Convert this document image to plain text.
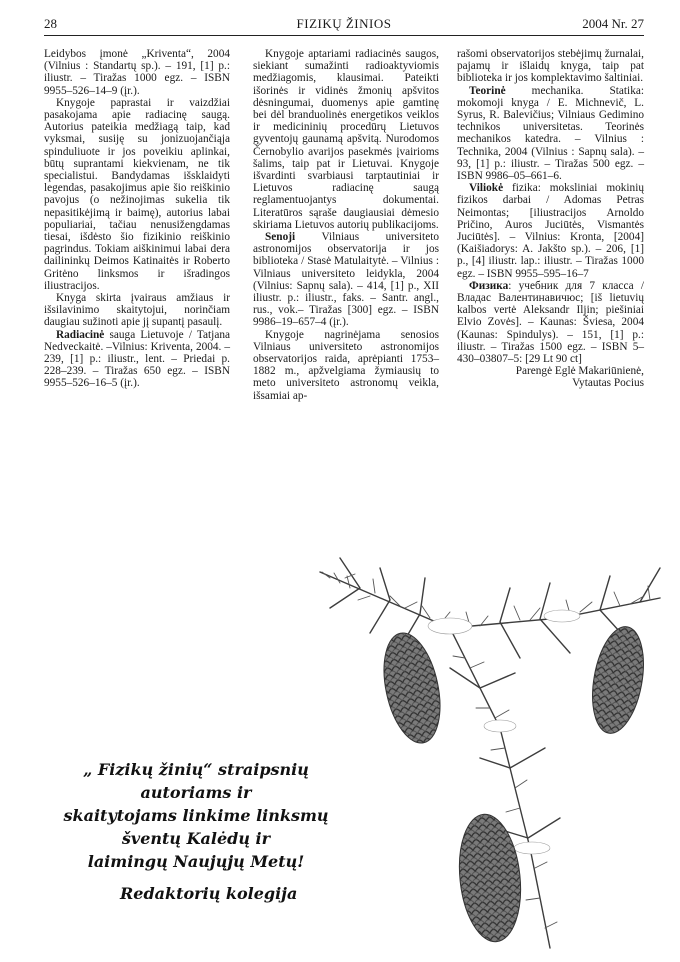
28	FIZIKŲ ŽINIOS	2004 Nr. 27

Leidybos įmonė „Kriventa“, 2004 (Vilnius : Standartų sp.). – 191, [1] p.: iliustr. – Tiražas 1000 egz. – ISBN 9955–526–14–9 (įr.).

Knygoje paprastai ir vaizdžiai pasakojama apie radiacinę saugą. Autorius pateikia medžiagą taip, kad vyksmai, susiję su jonizuojančiąja spinduliuote ir jos poveikiu aplinkai, būtų suprantami kiekvienam, ne tik specialistui. Bandydamas išsklaidyti legendas, pasakojimus apie šio reiškinio pavojus (o nežinojimas sukelia tik nepasitikėjimą ir baimę), autorius labai populiariai, tačiau nenusižengdamas tiesai, išdėsto šio fizikinio reiškinio pagrindus. Tokiam aiškinimui labai dera dailininkų Deimos Katinaitės ir Roberto Gritėno linksmos ir išradingos iliustracijos.

Knyga skirta įvairaus amžiaus ir išsilavinimo skaitytojui, norinčiam daugiau sužinoti apie jį supantį pasaulį.

Radiacinė sauga Lietuvoje / Tatjana Nedveckaitė. –Vilnius: Kriventa, 2004. – 239, [1] p.: iliustr., lent. – Priedai p. 228–239. – Tiražas 650 egz. – ISBN 9955–526–16–5 (įr.).

Knygoje aptariami radiacinės saugos, siekiant sumažinti radioaktyviomis medžiagomis, klausimai. Pateikti išorinės ir vidinės žmonių apšvitos dėsningumai, duomenys apie gamtinę bei dėl branduolinės energetikos veiklos ir medicininių procedūrų Lietuvos gyventojų gaunamą apšvitą. Nurodomos Černobylio avarijos pasekmės įvairioms šalims, taip pat ir Lietuvai. Knygoje išvardinti svarbiausi tarptautiniai ir Lietuvos radiacinę saugą reglamentuojantys dokumentai. Literatūros sąraše daugiausiai dėmesio skiriama Lietuvos autorių publikacijoms.

Senoji Vilniaus universiteto astronomijos observatorija ir jos biblioteka / Stasė Matulaitytė. – Vilnius : Vilniaus universiteto leidykla, 2004 (Vilnius: Sapnų sala). – 414, [1] p., XII iliustr. p.: iliustr., faks. – Santr. angl., rus., vok.– Tiražas [300] egz. – ISBN 9986–19–657–4 (įr.).

Knygoje nagrinėjama senosios Vilniaus universiteto astronomijos observatorijos raida, aprėpianti 1753–1882 m., apžvelgiama žymiausių to meto universiteto astronomų veikla, išsamiai ap-

rašomi observatorijos stebėjimų žurnalai, pajamų ir išlaidų knyga, taip pat biblioteka ir jos komplektavimo šaltiniai.

Teorinė mechanika. Statika: mokomoji knyga / E. Michnevič, L. Syrus, R. Balevičius; Vilniaus Gedimino technikos universitetas. Teorinės mechanikos katedra. – Vilnius : Technika, 2004 (Vilnius : Sapnų sala). – 93, [1] p.: iliustr. – Tiražas 500 egz. – ISBN 9986–05–661–6.

Viliokė fizika: moksliniai mokinių fizikos darbai / Adomas Petras Neimontas; [iliustracijos Arnoldo Pričino, Auros Juciūtės, Vismantės Juciūtės]. – Vilnius: Kronta, [2004] (Kaišiadorys: A. Jakšto sp.). – 206, [1] p., [4] iliustr. lap.: iliustr. – Tiražas 1000 egz. – ISBN 9955–595–16–7

Физика: учебник для 7 класса / Владас Валентинавичюс; [iš lietuvių kalbos vertė Aleksandr Iljin; piešiniai Elvio Zovės]. – Kaunas: Šviesa, 2004 (Kaunas: Spindulys). – 151, [1] p.: iliustr. – Tiražas 1500 egz. – ISBN 5–430–03807–5: [29 Lt 90 ct]

Parengė Eglė Makariūnienė,

Vytautas Pocius

„ Fizikų žinių“ straipsnių autoriams ir
skaitytojams linkime linksmų
šventų Kalėdų ir
laimingų Naujųjų Metų!
Redaktorių kolegija
